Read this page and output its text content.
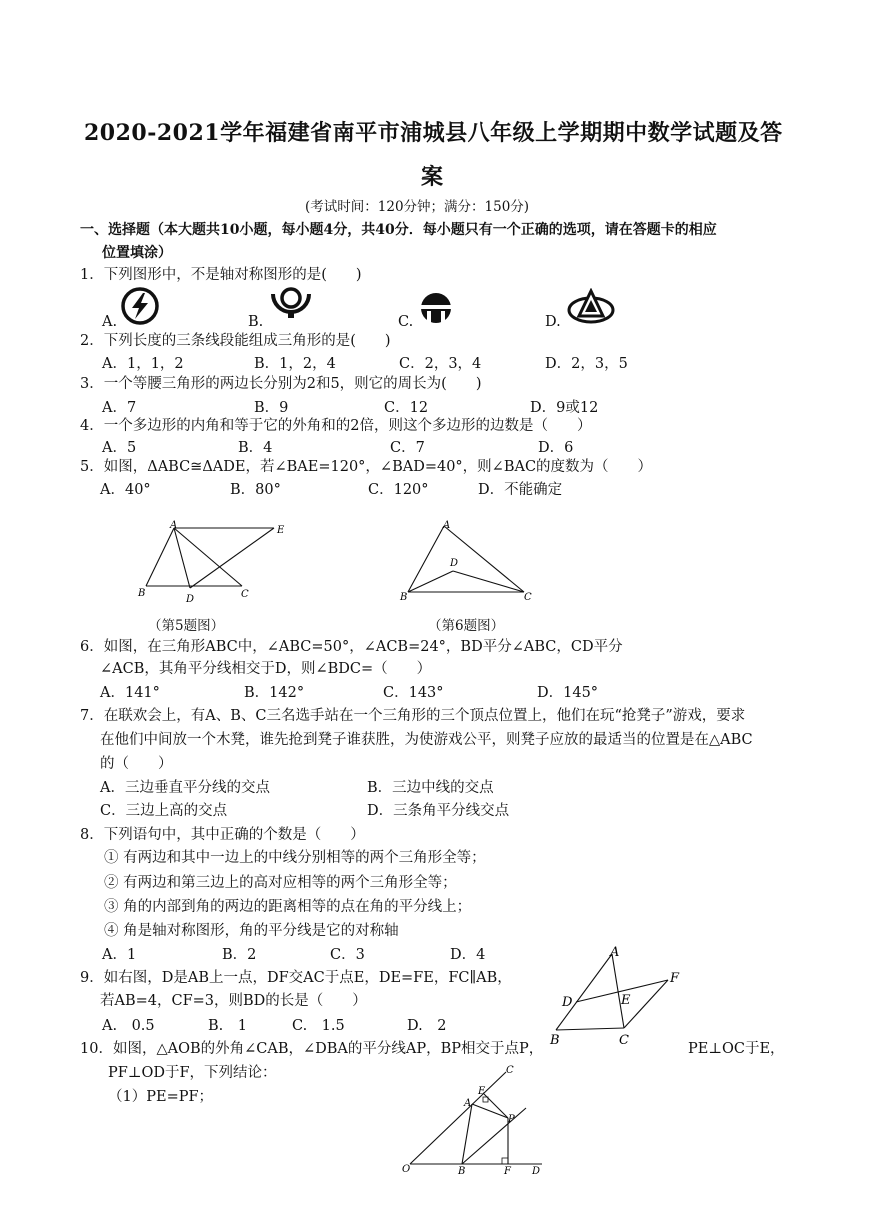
2020-2021学年福建省南平市浦城县八年级上学期期中数学试题及答
案
(考试时间：120分钟；满分：150分)
一、选择题（本大题共10小题，每小题4分，共40分．每小题只有一个正确的选项，请在答题卡的相应
位置填涂）
1．下列图形中，不是轴对称图形的是(　　)
A.	B.	C.	D.
2．下列长度的三条线段能组成三角形的是(　　)
A．1，1，2	B．1，2，4	C．2，3，4	D．2，3，5
3．一个等腰三角形的两边长分别为2和5，则它的周长为(　　)
A．7	B．9	C．12	D．9或12
4．一个多边形的内角和等于它的外角和的2倍，则这个多边形的边数是（　　）
A．5	B．4	C．7	D．6
5．如图，ΔABC≅ΔADE，若∠BAE=120°，∠BAD=40°，则∠BAC的度数为（　　）
A．40°	B．80°	C．120°	D．不能确定
A	E
B
D	C
（第5题图）
A
D
B	C
（第6题图）
6．如图，在三角形ABC中，∠ABC=50°，∠ACB=24°，BD平分∠ABC，CD平分
∠ACB，其角平分线相交于D，则∠BDC=（　　）
A．141°	B．142°	C．143°	D．145°
7．在联欢会上，有A、B、C三名选手站在一个三角形的三个顶点位置上，他们在玩“抢凳子”游戏，要求
在他们中间放一个木凳，谁先抢到凳子谁获胜，为使游戏公平，则凳子应放的最适当的位置是在△ABC
的（　　）
A．三边垂直平分线的交点	B．三边中线的交点
C．三边上高的交点	D．三条角平分线交点
8．下列语句中，其中正确的个数是（　　）
① 有两边和其中一边上的中线分别相等的两个三角形全等；
② 有两边和第三边上的高对应相等的两个三角形全等；
③ 角的内部到角的两边的距离相等的点在角的平分线上；
④ 角是轴对称图形，角的平分线是它的对称轴
A．1	B．2	C．3	D．4
9．如右图，D是AB上一点，DF交AC于点E，DE=FE，FC∥AB，
若AB=4，CF=3，则BD的长是（　　）
A.　0.5	B.　1	C.　1.5	D.　2
A
F
D	E
B	C
10．如图，△AOB的外角∠CAB，∠DBA的平分线AP，BP相交于点P，	PE⊥OC于E，
PF⊥OD于F，下列结论：
（1）PE=PF；
C
E
A
P
O	B	F D
